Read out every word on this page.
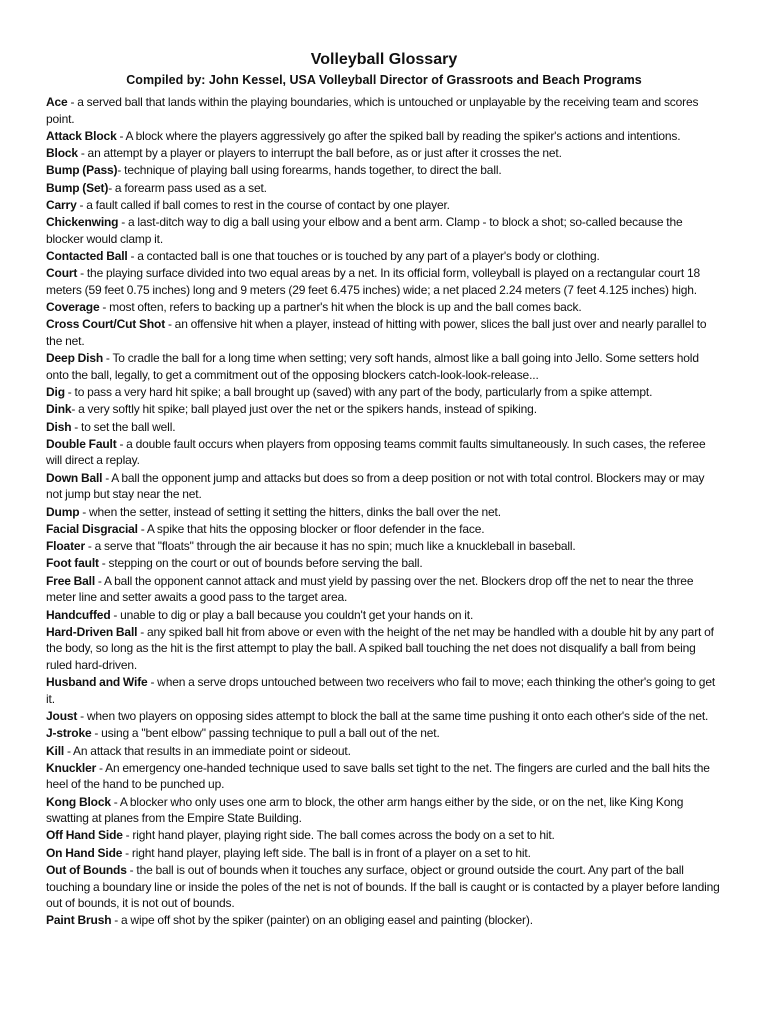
Volleyball Glossary
Compiled by: John Kessel, USA Volleyball Director of Grassroots and Beach Programs
Ace - a served ball that lands within the playing boundaries, which is untouched or unplayable by the receiving team and scores point.
Attack Block - A block where the players aggressively go after the spiked ball by reading the spiker's actions and intentions.
Block - an attempt by a player or players to interrupt the ball before, as or just after it crosses the net.
Bump (Pass)- technique of playing ball using forearms, hands together, to direct the ball.
Bump (Set)- a forearm pass used as a set.
Carry - a fault called if ball comes to rest in the course of contact by one player.
Chickenwing - a last-ditch way to dig a ball using your elbow and a bent arm. Clamp - to block a shot; so-called because the blocker would clamp it.
Contacted Ball - a contacted ball is one that touches or is touched by any part of a player's body or clothing.
Court - the playing surface divided into two equal areas by a net. In its official form, volleyball is played on a rectangular court 18 meters (59 feet 0.75 inches) long and 9 meters (29 feet 6.475 inches) wide; a net placed 2.24 meters (7 feet 4.125 inches) high.
Coverage - most often, refers to backing up a partner's hit when the block is up and the ball comes back.
Cross Court/Cut Shot - an offensive hit when a player, instead of hitting with power, slices the ball just over and nearly parallel to the net.
Deep Dish - To cradle the ball for a long time when setting; very soft hands, almost like a ball going into Jello. Some setters hold onto the ball, legally, to get a commitment out of the opposing blockers catch-look-look-release...
Dig - to pass a very hard hit spike; a ball brought up (saved) with any part of the body, particularly from a spike attempt.
Dink- a very softly hit spike; ball played just over the net or the spikers hands, instead of spiking.
Dish - to set the ball well.
Double Fault - a double fault occurs when players from opposing teams commit faults simultaneously. In such cases, the referee will direct a replay.
Down Ball - A ball the opponent jump and attacks but does so from a deep position or not with total control. Blockers may or may not jump but stay near the net.
Dump - when the setter, instead of setting it setting the hitters, dinks the ball over the net.
Facial Disgracial - A spike that hits the opposing blocker or floor defender in the face.
Floater - a serve that "floats" through the air because it has no spin; much like a knuckleball in baseball.
Foot fault - stepping on the court or out of bounds before serving the ball.
Free Ball - A ball the opponent cannot attack and must yield by passing over the net. Blockers drop off the net to near the three meter line and setter awaits a good pass to the target area.
Handcuffed - unable to dig or play a ball because you couldn't get your hands on it.
Hard-Driven Ball - any spiked ball hit from above or even with the height of the net may be handled with a double hit by any part of the body, so long as the hit is the first attempt to play the ball. A spiked ball touching the net does not disqualify a ball from being ruled hard-driven.
Husband and Wife - when a serve drops untouched between two receivers who fail to move; each thinking the other's going to get it.
Joust - when two players on opposing sides attempt to block the ball at the same time pushing it onto each other's side of the net.
J-stroke - using a "bent elbow" passing technique to pull a ball out of the net.
Kill - An attack that results in an immediate point or sideout.
Knuckler - An emergency one-handed technique used to save balls set tight to the net. The fingers are curled and the ball hits the heel of the hand to be punched up.
Kong Block - A blocker who only uses one arm to block, the other arm hangs either by the side, or on the net, like King Kong swatting at planes from the Empire State Building.
Off Hand Side - right hand player, playing right side. The ball comes across the body on a set to hit.
On Hand Side - right hand player, playing left side. The ball is in front of a player on a set to hit.
Out of Bounds - the ball is out of bounds when it touches any surface, object or ground outside the court. Any part of the ball touching a boundary line or inside the poles of the net is not of bounds. If the ball is caught or is contacted by a player before landing out of bounds, it is not out of bounds.
Paint Brush - a wipe off shot by the spiker (painter) on an obliging easel and painting (blocker).
